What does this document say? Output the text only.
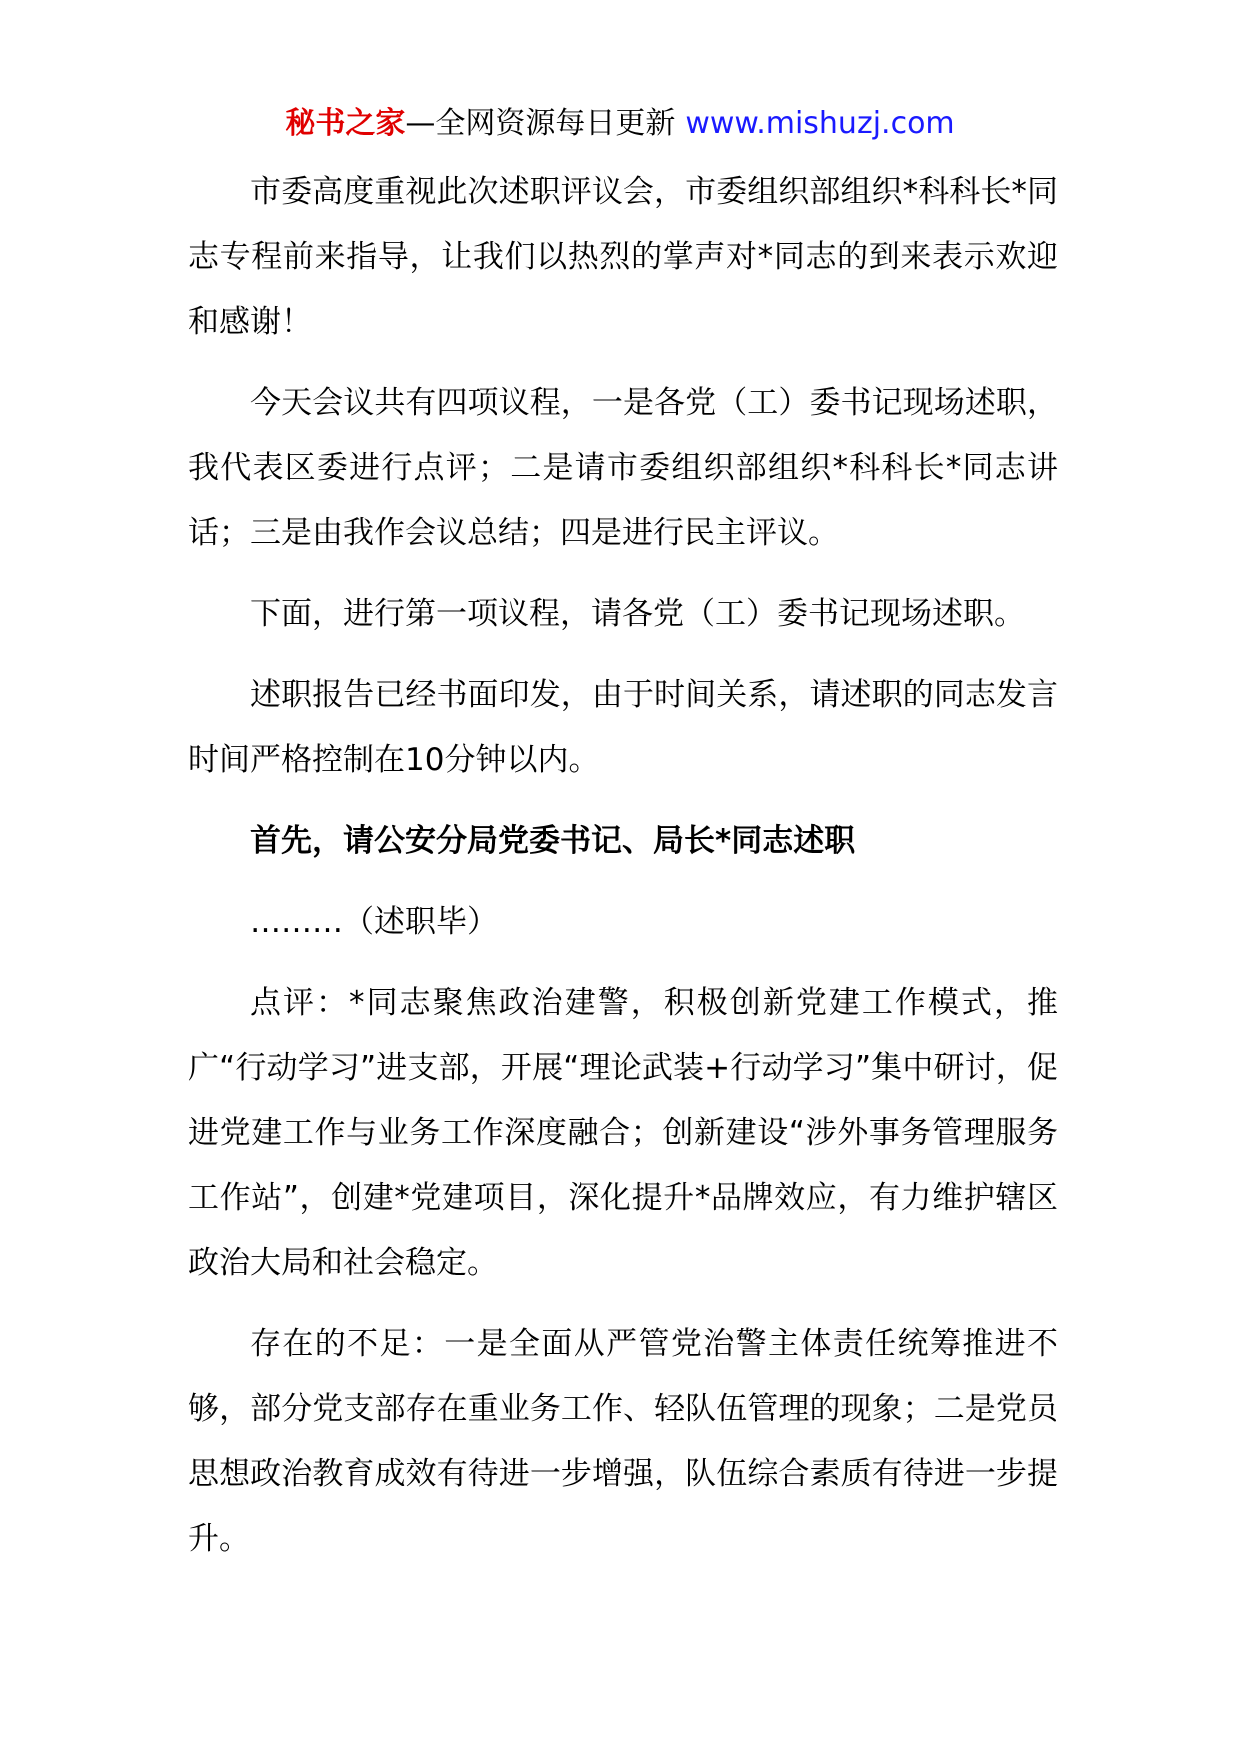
秘书之家—全网资源每日更新 www.mishuzj.com

市委高度重视此次述职评议会，市委组织部组织*科科长*同志专程前来指导，让我们以热烈的掌声对*同志的到来表示欢迎和感谢！

今天会议共有四项议程，一是各党（工）委书记现场述职，我代表区委进行点评；二是请市委组织部组织*科科长*同志讲话；三是由我作会议总结；四是进行民主评议。

下面，进行第一项议程，请各党（工）委书记现场述职。

述职报告已经书面印发，由于时间关系，请述职的同志发言时间严格控制在10分钟以内。

首先，请公安分局党委书记、局长*同志述职

………（述职毕）

点评：*同志聚焦政治建警，积极创新党建工作模式，推广“行动学习”进支部，开展“理论武装+行动学习”集中研讨，促进党建工作与业务工作深度融合；创新建设“涉外事务管理服务工作站”，创建*党建项目，深化提升*品牌效应，有力维护辖区政治大局和社会稳定。

存在的不足：一是全面从严管党治警主体责任统筹推进不够，部分党支部存在重业务工作、轻队伍管理的现象；二是党员思想政治教育成效有待进一步增强，队伍综合素质有待进一步提升。
